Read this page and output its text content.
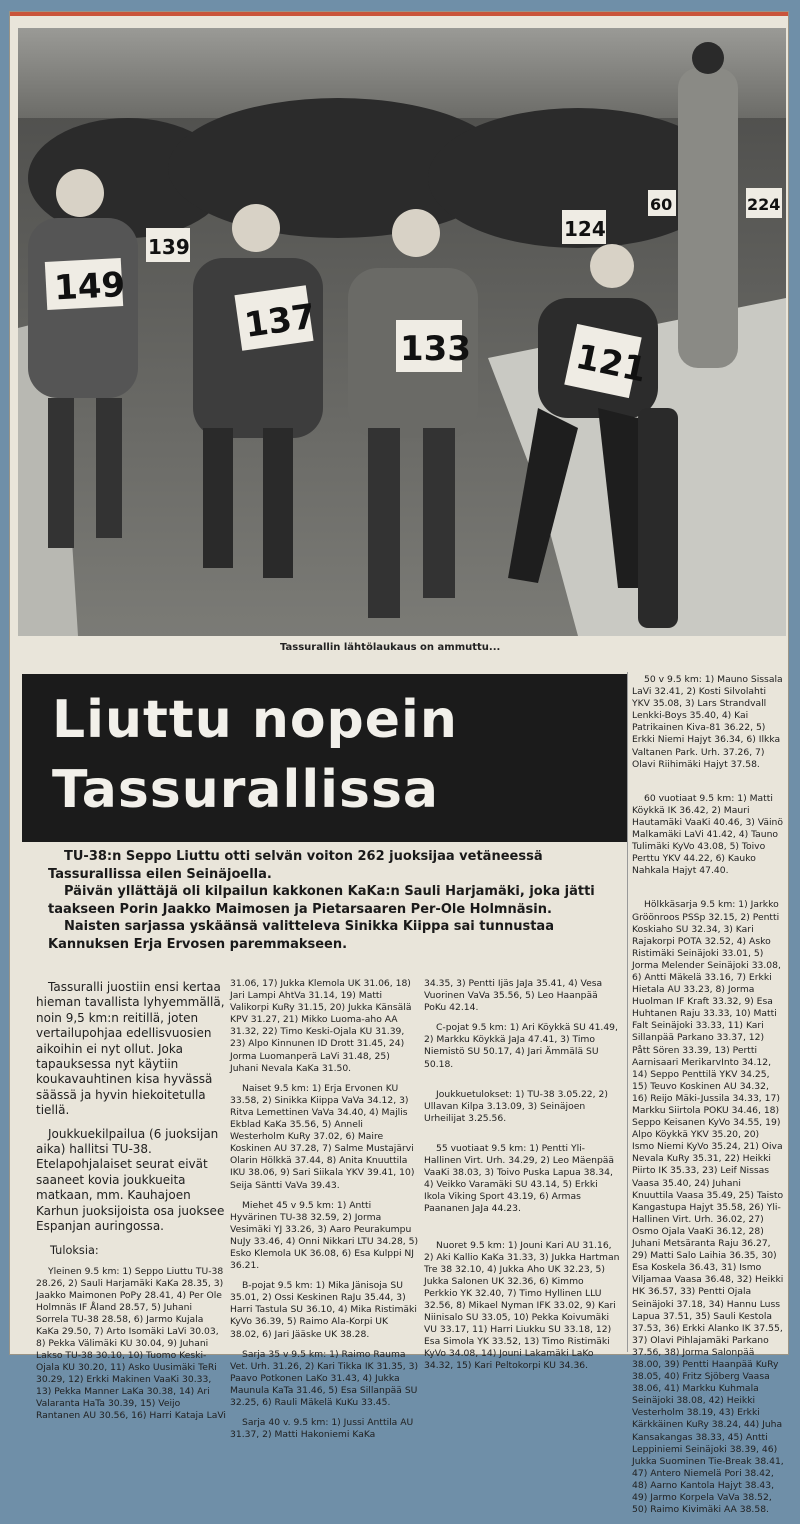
149
137
133	121
139
124
224
60
Tassurallin lähtölaukaus on ammuttu...
Liuttu nopein
Tassurallissa

TU-38:n Seppo Liuttu otti selvän voiton 262 juoksijaa vetäneessä Tassurallissa eilen Seinäjoella.

Päivän yllättäjä oli kilpailun kakkonen KaKa:n Sauli Harjamäki, joka jätti taakseen Porin Jaakko Maimosen ja Pietarsaaren Per-Ole Holmnäsin.

Naisten sarjassa yskäänsä valitteleva Sinikka Kiippa sai tunnustaa Kannuksen Erja Ervosen paremmakseen.

Tassuralli juostiin ensi kertaa hieman tavallista lyhyemmällä, noin 9,5 km:n reitillä, joten vertailupohjaa edellisvuosien aikoihin ei nyt ollut. Joka tapauksessa nyt käytiin koukavauhtinen kisa hyvässä säässä ja hyvin hiekoitetulla tiellä.

Joukkuekilpailua (6 juoksijan aika) hallitsi TU-38. Etelapohjalaiset seurat eivät saaneet kovia joukkueita matkaan, mm. Kauhajoen Karhun juoksijoista osa juoksee Espanjan auringossa.

Tuloksia:

Yleinen 9.5 km: 1) Seppo Liuttu TU-38 28.26, 2) Sauli Harjamäki KaKa 28.35, 3) Jaakko Maimonen PoPy 28.41, 4) Per Ole Holmnäs IF Åland 28.57, 5) Juhani Sorrela TU-38 28.58, 6) Jarmo Kujala KaKa 29.50, 7) Arto Isomäki LaVi 30.03, 8) Pekka Välimäki KU 30.04, 9) Juhani Lakso TU-38 30.10, 10) Tuomo Keski-Ojala KU 30.20, 11) Asko Uusimäki TeRi 30.29, 12) Erkki Makinen VaaKi 30.33, 13) Pekka Manner LaKa 30.38, 14) Ari Valaranta HaTa 30.39, 15) Veijo Rantanen AU 30.56, 16) Harri Kataja LaVi

31.06, 17) Jukka Klemola UK 31.06, 18) Jari Lampi AhtVa 31.14, 19) Matti Valikorpi KuRy 31.15, 20) Jukka Känsälä KPV 31.27, 21) Mikko Luoma-aho AA 31.32, 22) Timo Keski-Ojala KU 31.39, 23) Alpo Kinnunen ID Drott 31.45, 24) Jorma Luomanperä LaVi 31.48, 25) Juhani Nevala KaKa 31.50.

Naiset 9.5 km: 1) Erja Ervonen KU 33.58, 2) Sinikka Kiippa VaVa 34.12, 3) Ritva Lemettinen VaVa 34.40, 4) Majlis Ekblad KaKa 35.56, 5) Anneli Westerholm KuRy 37.02, 6) Maire Koskinen AU 37.28, 7) Salme Mustajärvi Olarin Hölkkä 37.44, 8) Anita Knuuttila IKU 38.06, 9) Sari Siikala YKV 39.41, 10) Seija Säntti VaVa 39.43.

Miehet 45 v 9.5 km: 1) Antti Hyvärinen TU-38 32.59, 2) Jorma Vesimäki YJ 33.26, 3) Aaro Peurakumpu NuJy 33.46, 4) Onni Nikkari LTU 34.28, 5) Esko Klemola UK 36.08, 6) Esa Kulppi NJ 36.21.

B-pojat 9.5 km: 1) Mika Jänisoja SU 35.01, 2) Ossi Keskinen RaJu 35.44, 3) Harri Tastula SU 36.10, 4) Mika Ristimäki KyVo 36.39, 5) Raimo Ala-Korpi UK 38.02, 6) Jari Jääske UK 38.28.

Sarja 35 v 9.5 km: 1) Raimo Rauma Vet. Urh. 31.26, 2) Kari Tikka IK 31.35, 3) Paavo Potkonen LaKo 31.43, 4) Jukka Maunula KaTa 31.46, 5) Esa Sillanpää SU 32.25, 6) Rauli Mäkelä KuKu 33.45.

Sarja 40 v. 9.5 km: 1) Jussi Anttila AU 31.37, 2) Matti Hakoniemi KaKa

34.35, 3) Pentti Ijäs JaJa 35.41, 4) Vesa Vuorinen VaVa 35.56, 5) Leo Haanpää PoKu 42.14.

C-pojat 9.5 km: 1) Ari Köykkä SU 41.49, 2) Markku Köykkä JaJa 47.41, 3) Timo Niemistö SU 50.17, 4) Jari Ämmälä SU 50.18.

Joukkuetulokset: 1) TU-38 3.05.22, 2) Ullavan Kilpa 3.13.09, 3) Seinäjoen Urheilijat 3.25.56.

55 vuotiaat 9.5 km: 1) Pentti Yli-Hallinen Virt. Urh. 34.29, 2) Leo Mäenpää VaaKi 38.03, 3) Toivo Puska Lapua 38.34, 4) Veikko Varamäki SU 43.14, 5) Erkki Ikola Viking Sport 43.19, 6) Armas Paananen JaJa 44.23.

Nuoret 9.5 km: 1) Jouni Kari AU 31.16, 2) Aki Kallio KaKa 31.33, 3) Jukka Hartman Tre 38 32.10, 4) Jukka Aho UK 32.23, 5) Jukka Salonen UK 32.36, 6) Kimmo Perkkio YK 32.40, 7) Timo Hyllinen LLU 32.56, 8) Mikael Nyman IFK 33.02, 9) Kari Niinisalo SU 33.05, 10) Pekka Koivumäki VU 33.17, 11) Harri Liukku SU 33.18, 12) Esa Simola YK 33.52, 13) Timo Ristimäki KyVo 34.08, 14) Jouni Lakamäki LaKo 34.32, 15) Kari Peltokorpi KU 34.36.

50 v 9.5 km: 1) Mauno Sissala LaVi 32.41, 2) Kosti Silvolahti YKV 35.08, 3) Lars Strandvall Lenkki-Boys 35.40, 4) Kai Patrikainen Kiva-81 36.22, 5) Erkki Niemi Hajyt 36.34, 6) Ilkka Valtanen Park. Urh. 37.26, 7) Olavi Riihimäki Hajyt 37.58.

60 vuotiaat 9.5 km: 1) Matti Köykkä IK 36.42, 2) Mauri Hautamäki VaaKi 40.46, 3) Väinö Malkamäki LaVi 41.42, 4) Tauno Tulimäki KyVo 43.08, 5) Toivo Perttu YKV 44.22, 6) Kauko Nahkala Hajyt 47.40.

Hölkkäsarja 9.5 km: 1) Jarkko Gröönroos PSSp 32.15, 2) Pentti Koskiaho SU 32.34, 3) Kari Rajakorpi POTA 32.52, 4) Asko Ristimäki Seinäjoki 33.01, 5) Jorma Melender Seinäjoki 33.08, 6) Antti Mäkelä 33.16, 7) Erkki Hietala AU 33.23, 8) Jorma Huolman IF Kraft 33.32, 9) Esa Huhtanen Raju 33.33, 10) Matti Falt Seinäjoki 33.33, 11) Kari Sillanpää Parkano 33.37, 12) Pått Sören 33.39, 13) Pertti Aarnisaari MerikarvInto 34.12, 14) Seppo Penttilä YKV 34.25, 15) Teuvo Koskinen AU 34.32, 16) Reijo Mäki-Jussila 34.33, 17) Markku Siirtola POKU 34.46, 18) Seppo Keisanen KyVo 34.55, 19) Alpo Köykkä YKV 35.20, 20) Ismo Niemi KyVo 35.24, 21) Oiva Nevala KuRy 35.31, 22) Heikki Piirto IK 35.33, 23) Leif Nissas Vaasa 35.40, 24) Juhani Knuuttila Vaasa 35.49, 25) Taisto Kangastupa Hajyt 35.58, 26) Yli-Hallinen Virt. Urh. 36.02, 27) Osmo Ojala VaaKi 36.12, 28) Juhani Metsäranta Raju 36.27, 29) Matti Salo Laihia 36.35, 30) Esa Koskela 36.43, 31) Ismo Viljamaa Vaasa 36.48, 32) Heikki HK 36.57, 33) Pentti Ojala Seinäjoki 37.18, 34) Hannu Luss Lapua 37.51, 35) Sauli Kestola 37.53, 36) Erkki Alanko IK 37.55, 37) Olavi Pihlajamäki Parkano 37.56, 38) Jorma Salonpää 38.00, 39) Pentti Haanpää KuRy 38.05, 40) Fritz Sjöberg Vaasa 38.06, 41) Markku Kuhmala Seinäjoki 38.08, 42) Heikki Vesterholm 38.19, 43) Erkki Kärkkäinen KuRy 38.24, 44) Juha Kansakangas 38.33, 45) Antti Leppiniemi Seinäjoki 38.39, 46) Jukka Suominen Tie-Break 38.41, 47) Antero Niemelä Pori 38.42, 48) Aarno Kantola Hajyt 38.43, 49) Jarmo Korpela VaVa 38.52, 50) Raimo Kivimäki AA 38.58.
